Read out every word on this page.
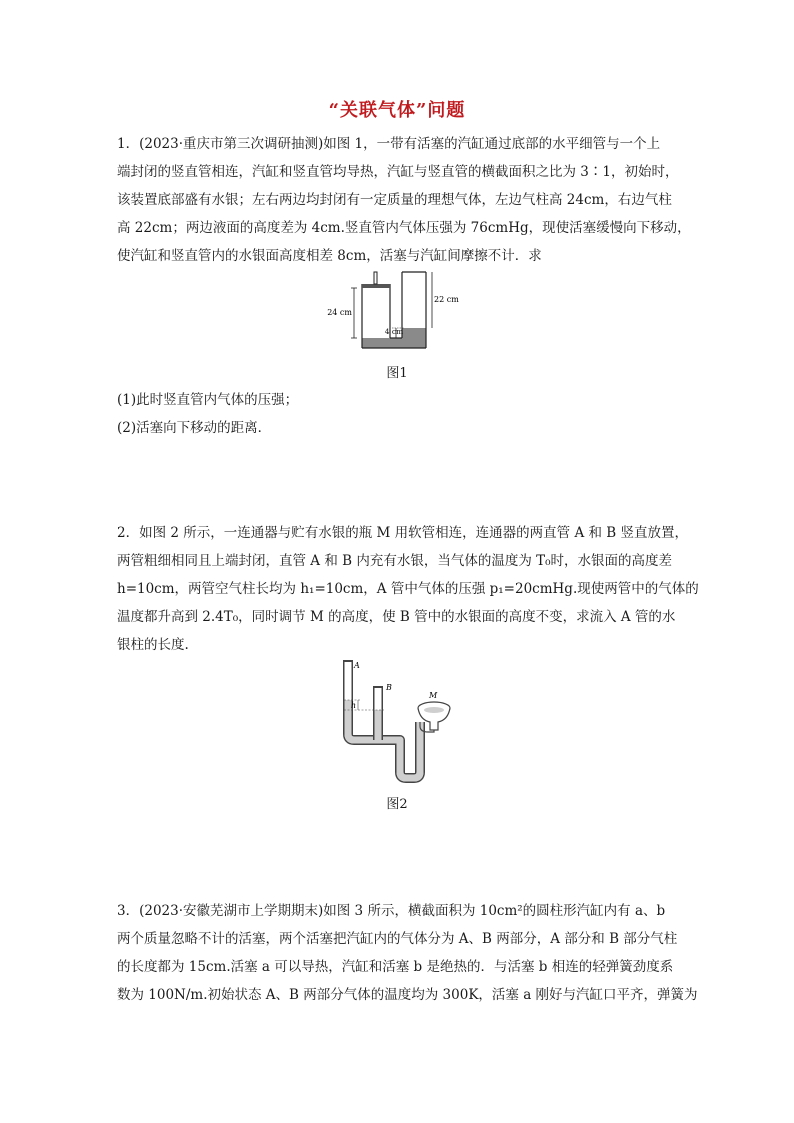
“关联气体”问题
1．(2023·重庆市第三次调研抽测)如图 1，一带有活塞的汽缸通过底部的水平细管与一个上
端封闭的竖直管相连，汽缸和竖直管均导热，汽缸与竖直管的横截面积之比为 3∶1，初始时，
该装置底部盛有水银；左右两边均封闭有一定质量的理想气体，左边气柱高 24cm，右边气柱
高 22cm；两边液面的高度差为 4cm.竖直管内气体压强为 76cmHg，现使活塞缓慢向下移动，
使汽缸和竖直管内的水银面高度相差 8cm，活塞与汽缸间摩擦不计．求
24 cm
22 cm
4 cm
图1
(1)此时竖直管内气体的压强；
(2)活塞向下移动的距离．
2．如图 2 所示，一连通器与贮有水银的瓶 M 用软管相连，连通器的两直管 A 和 B 竖直放置，
两管粗细相同且上端封闭，直管 A 和 B 内充有水银，当气体的温度为 T₀时，水银面的高度差
h=10cm，两管空气柱长均为 h₁=10cm，A 管中气体的压强 p₁=20cmHg.现使两管中的气体的
温度都升高到 2.4T₀，同时调节 M 的高度，使 B 管中的水银面的高度不变，求流入 A 管的水
银柱的长度.
h
A
B
M
图2
3．(2023·安徽芜湖市上学期期末)如图 3 所示，横截面积为 10cm²的圆柱形汽缸内有 a、b
两个质量忽略不计的活塞，两个活塞把汽缸内的气体分为 A、B 两部分，A 部分和 B 部分气柱
的长度都为 15cm.活塞 a 可以导热，汽缸和活塞 b 是绝热的．与活塞 b 相连的轻弹簧劲度系
数为 100N/m.初始状态 A、B 两部分气体的温度均为 300K，活塞 a 刚好与汽缸口平齐，弹簧为
